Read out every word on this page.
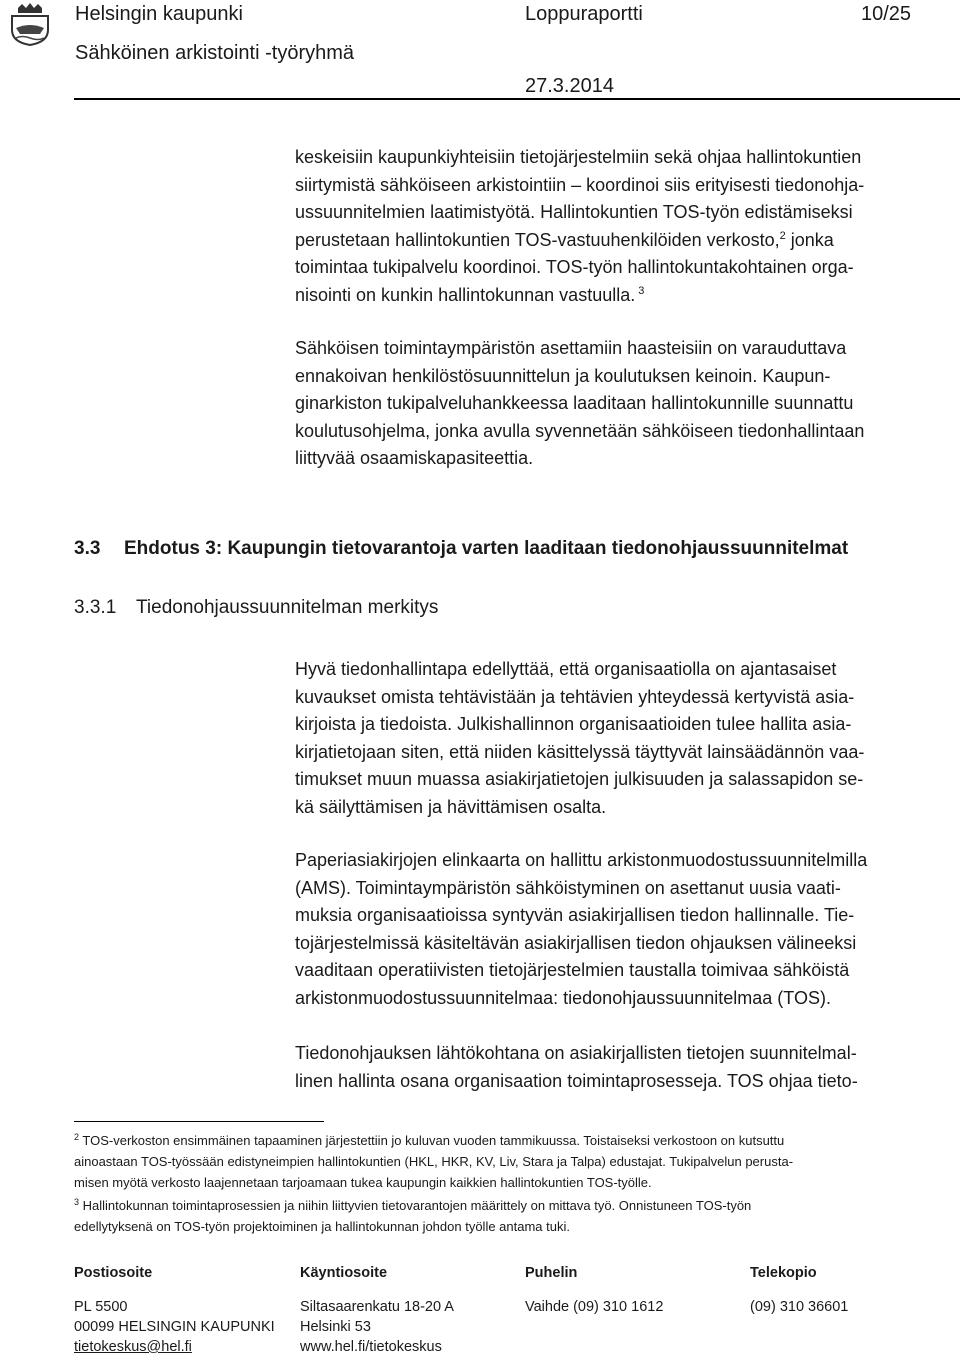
Helsingin kaupunki	Loppuraportti	10/25
Sähköinen arkistointi -työryhmä
27.3.2014
keskeisiin kaupunkiyhteisiin tietojärjestelmiin sekä ohjaa hallintokuntien
siirtymistä sähköiseen arkistointiin – koordinoi siis erityisesti tiedonohja-
ussuunnitelmien laatimistyötä. Hallintokuntien TOS-työn edistämiseksi
perustetaan hallintokuntien TOS-vastuuhenkilöiden verkosto,$^2$ jonka
toimintaa tukipalvelu koordinoi. TOS-työn hallintokuntakohtainen orga-
nisointi on kunkin hallintokunnan vastuulla. $^3$
Sähköisen toimintaympäristön asettamiin haasteisiin on varauduttava
ennakoivan henkilöstösuunnittelun ja koulutuksen keinoin. Kaupun-
ginarkiston tukipalveluhankkeessa laaditaan hallintokunnille suunnattu
koulutusohjelma, jonka avulla syvennetään sähköiseen tiedonhallintaan
liittyvää osaamiskapasiteettia.
3.3 Ehdotus 3: Kaupungin tietovarantoja varten laaditaan tiedonohjaussuunnitelmat
3.3.1 Tiedonohjaussuunnitelman merkitys
Hyvä tiedonhallintapa edellyttää, että organisaatiolla on ajantasaiset
kuvaukset omista tehtävistään ja tehtävien yhteydessä kertyvistä asia-
kirjoista ja tiedoista. Julkishallinnon organisaatioiden tulee hallita asia-
kirjatietojaan siten, että niiden käsittelyssä täyttyvät lainsäädännön vaa-
timukset muun muassa asiakirjatietojen julkisuuden ja salassapidon se-
kä säilyttämisen ja hävittämisen osalta.
Paperiasiakirjojen elinkaarta on hallittu arkistonmuodostussuunnitelmilla
(AMS). Toimintaympäristön sähköistyminen on asettanut uusia vaati-
muksia organisaatioissa syntyvän asiakirjallisen tiedon hallinnalle. Tie-
tojärjestelmissä käsiteltävän asiakirjallisen tiedon ohjauksen välineeksi
vaaditaan operatiivisten tietojärjestelmien taustalla toimivaa sähköistä
arkistonmuodostussuunnitelmaa: tiedonohjaussuunnitelmaa (TOS).
Tiedonohjauksen lähtökohtana on asiakirjallisten tietojen suunnitelmal-
linen hallinta osana organisaation toimintaprosesseja. TOS ohjaa tieto-
$^2$ TOS-verkoston ensimmäinen tapaaminen järjestettiin jo kuluvan vuoden tammikuussa. Toistaiseksi verkostoon on kutsuttu
ainoastaan TOS-työssään edistyneimpien hallintokuntien (HKL, HKR, KV, Liv, Stara ja Talpa) edustajat. Tukipalvelun perusta-
misen myötä verkosto laajennetaan tarjoamaan tukea kaupungin kaikkien hallintokuntien TOS-työlle.
$^3$ Hallintokunnan toimintaprosessien ja niihin liittyvien tietovarantojen määrittely on mittava työ. Onnistuneen TOS-työn
edellytyksenä on TOS-työn projektoiminen ja hallintokunnan johdon työlle antama tuki.
Postiosoite
PL 5500
00099 HELSINGIN KAUPUNKI
tietokeskus@hel.fi
Käyntiosoite
Siltasaarenkatu 18-20 A
Helsinki 53
www.hel.fi/tietokeskus
Puhelin
Vaihde (09) 310 1612
Telekopio
(09) 310 36601
